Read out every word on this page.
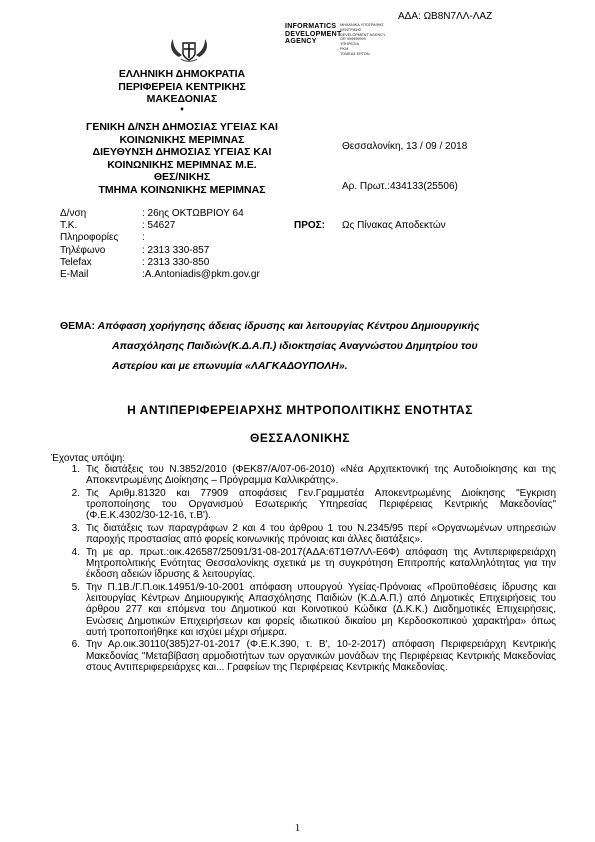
ΑΔΑ: ΩΒ8Ν7ΛΛ-ΛΑΖ
INFORMATICS
DEVELOPMENT
AGENCY
ΜΗΧΑΝΙΚΑ ΥΠΟΓΡΑΦΗΣ
ΚΕΝΤΡΙΚΗΣ
DEVELOPMENT AGENCY
GR 999999999
ΥΠΗΡΕΣΙΑ
PKM
ΤΟΜΕΑΣ ΕΡΓΩΝ
ΕΛΛΗΝΙΚΗ ΔΗΜΟΚΡΑΤΙΑ
ΠΕΡΙΦΕΡΕΙΑ ΚΕΝΤΡΙΚΗΣ
ΜΑΚΕΔΟΝΙΑΣ
♦
ΓΕΝΙΚΗ Δ/ΝΣΗ ΔΗΜΟΣΙΑΣ ΥΓΕΙΑΣ ΚΑΙ
ΚΟΙΝΩΝΙΚΗΣ ΜΕΡΙΜΝΑΣ
ΔΙΕΥΘΥΝΣΗ ΔΗΜΟΣΙΑΣ ΥΓΕΙΑΣ ΚΑΙ
ΚΟΙΝΩΝΙΚΗΣ ΜΕΡΙΜΝΑΣ Μ.Ε.
ΘΕΣ/ΝΙΚΗΣ
ΤΜΗΜΑ ΚΟΙΝΩΝΙΚΗΣ ΜΕΡΙΜΝΑΣ
Θεσσαλονίκη, 13 / 09 / 2018
Αρ. Πρωτ.:434133(25506)
Δ/νση	: 26ης ΟΚΤΩΒΡΙΟΥ 64
Τ.Κ.	: 54627
Πληροφορίες	:
Τηλέφωνο	: 2313 330-857
Telefax	: 2313 330-850
E-Mail	:A.Antoniadis@pkm.gov.gr
ΠΡΟΣ: Ως Πίνακας Αποδεκτών
ΘΕΜΑ: Απόφαση χορήγησης άδειας ίδρυσης και λειτουργίας Κέντρου Δημιουργικής
Απασχόλησης Παιδιών(Κ.Δ.Α.Π.) ιδιοκτησίας Αναγνώστου Δημητρίου του
Αστερίου και με επωνυμία «ΛΑΓΚΑΔΟΥΠΟΛΗ».
Η ΑΝΤΙΠΕΡΙΦΕΡΕΙΑΡΧΗΣ ΜΗΤΡΟΠΟΛΙΤΙΚΗΣ ΕΝΟΤΗΤΑΣ
ΘΕΣΣΑΛΟΝΙΚΗΣ
Έχοντας υπόψη:
1. Τις διατάξεις του Ν.3852/2010 (ΦΕΚ87/Α/07-06-2010) «Νέα Αρχιτεκτονική της Αυτοδιοίκησης και της Αποκεντρωμένης Διοίκησης – Πρόγραμμα Καλλικράτης».
2. Τις Αριθμ.81320 και 77909 αποφάσεις Γεν.Γραμματέα Αποκεντρωμένης Διοίκησης "Εγκριση τροποποίησης του Οργανισμού Εσωτερικής Υπηρεσίας Περιφέρειας Κεντρικής Μακεδονίας" (Φ.Ε.Κ.4302/30-12-16, τ.Β').
3. Τις διατάξεις των παραγράφων 2 και 4 του άρθρου 1 του Ν.2345/95 περί «Οργανωμένων υπηρεσιών παροχής προστασίας από φορείς κοινωνικής πρόνοιας και άλλες διατάξεις».
4. Τη με αρ. πρωτ.:οικ.426587/25091/31-08-2017(ΑΔΑ:6Τ1Θ7ΛΛ-Ε6Φ) απόφαση της Αντιπεριφερειάρχη Μητροπολιτικής Ενότητας Θεσσαλονίκης σχετικά με τη συγκρότηση Επιτροπής καταλληλότητας για την έκδοση αδειών ίδρυσης & λειτουργίας.
5. Την Π.1Β./Γ.Π.οικ.14951/9-10-2001 απόφαση υπουργού Υγείας-Πρόνοιας «Προϋποθέσεις ίδρυσης και λειτουργίας Κέντρων Δημιουργικής Απασχόλησης Παιδιών (Κ.Δ.Α.Π.) από Δημοτικές Επιχειρήσεις του άρθρου 277 και επόμενα του Δημοτικού και Κοινοτικού Κώδικα (Δ.Κ.Κ.) Διαδημοτικές Επιχειρήσεις, Ενώσεις Δημοτικών Επιχειρήσεων και φορείς ιδιωτικού δικαίου μη Κερδοσκοπικού χαρακτήρα» όπως αυτή τροποποιήθηκε και ισχύει μέχρι σήμερα.
6. Την Αρ.οικ.30110(385)27-01-2017 (Φ.Ε.Κ.390, τ. Β', 10-2-2017) απόφαση Περιφερειάρχη Κεντρικής Μακεδονίας "Μεταβίβαση αρμοδιοτήτων των οργανικών μονάδων της Περιφέρειας Κεντρικής Μακεδονίας στους Αντιπεριφερειάρχες και... Γραφείων της Περιφέρειας Κεντρικής Μακεδονίας.
1
